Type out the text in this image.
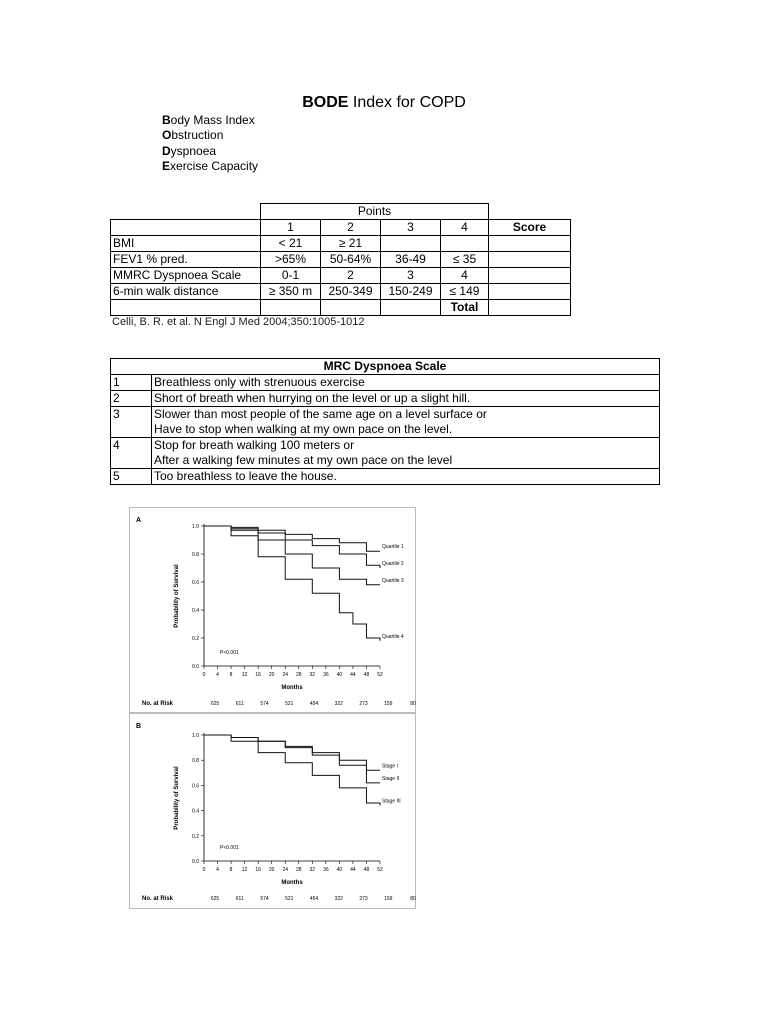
BODE Index for COPD
Body Mass Index
Obstruction
Dyspnoea
Exercise Capacity
	Points				
	1	2	3	4	Score
BMI	< 21	≥ 21			
FEV1 % pred.	>65%	50-64%	36-49	≤ 35	
MMRC Dyspnoea Scale	0-1	2	3	4	
6-min walk distance	≥ 350 m	250-349	150-249	≤ 149	
				Total	
Celli, B. R. et al. N Engl J Med 2004;350:1005-1012
MRC Dyspnoea Scale	
1	Breathless only with strenuous exercise

2	Short of breath when hurrying on the level or up a slight hill.

3	Slower than most people of the same age on a level surface or
Have to stop when walking at my own pace on the level.

4	Stop for breath walking 100 meters or
After a walking few minutes at my own pace on the level

5	Too breathless to leave the house.
A
0.0
0.2
0.4
0.6
0.8
1.0
0 4 8 12 16 20 24 28 32 36 40 44 48 52
Probability of Survival
Months
P<0.001
No. at Risk	625	611	574	521	454	322	273	159	80
Quartile 1
Quartile 2
Quartile 3
Quartile 4
B
0.0
0.2
0.4
0.6
0.8
1.0
0 4 8 12 16 20 24 28 32 36 40 44 48 52
Probability of Survival
Months
P<0.001
No. at Risk	625	611	574	521	454	322	273	159	80
Stage I
Stage II
Stage III
